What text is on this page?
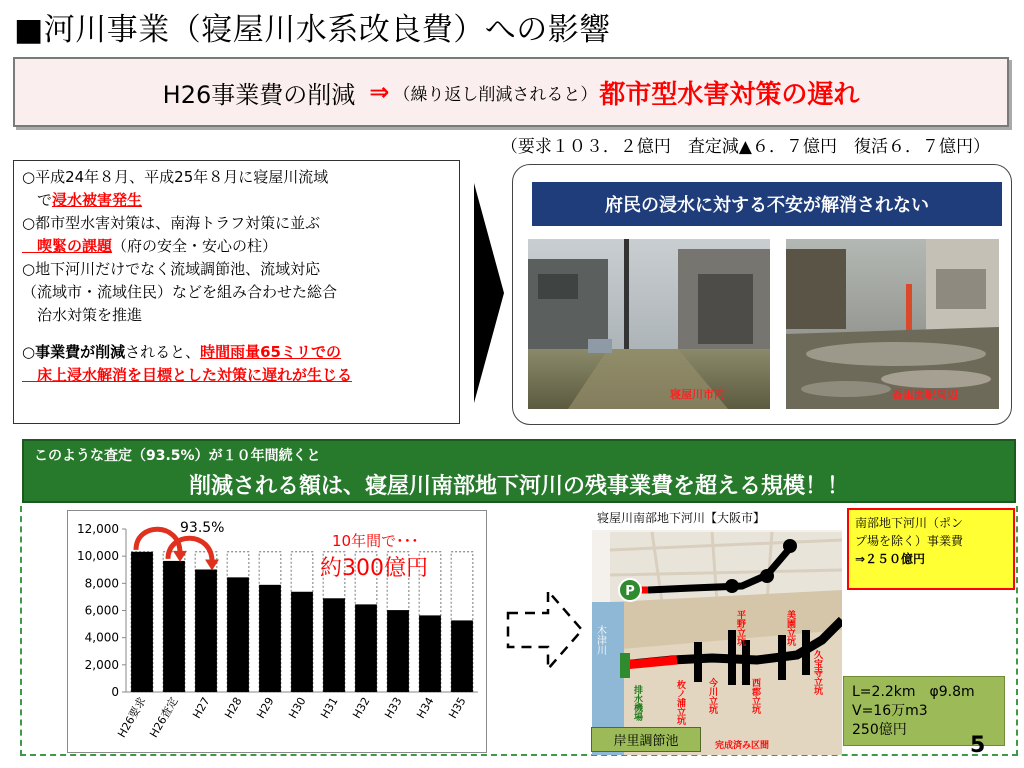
■河川事業（寝屋川水系改良費）への影響
H26事業費の削減 ⇒ （繰り返し削減されると） 都市型水害対策の遅れ
（要求１０３．２億円　査定減▲６．７億円　復活６．７億円）

○平成24年８月、平成25年８月に寝屋川流域

　で浸水被害発生

○都市型水害対策は、南海トラフ対策に並ぶ

　喫緊の課題（府の安全・安心の柱）

○地下河川だけでなく流域調節池、流域対応

（流域市・流域住民）などを組み合わせた総合

　治水対策を推進

○事業費が削減されると、時間雨量65ミリでの

　床上浸水解消を目標とした対策に遅れが生じる

府民の浸水に対する不安が解消されない
寝屋川市内	香里園駅周辺
このような査定（93.5%）が１０年間続くと
削減される額は、寝屋川南部地下河川の残事業費を超える規模！！
12,000
10,000
8,000
6,000
4,000
2,000
0
H26要求
H26査定 H27 H28 H29 H30 H31 H32 H33 H34 H35
93.5%
10年間で･･･
約300億円
寝屋川南部地下河川【大阪市】
P
木津川
排水機場	枚ノ浦立坑 今川立坑
平野立坑
西郡立坑
美園立坑
久宝寺立坑
完成済み区間
南部地下河川（ポン
プ場を除く）事業費
⇒２５０億円
L=2.2km　φ9.8m
V=16万m3
250億円
岸里調節池	5
